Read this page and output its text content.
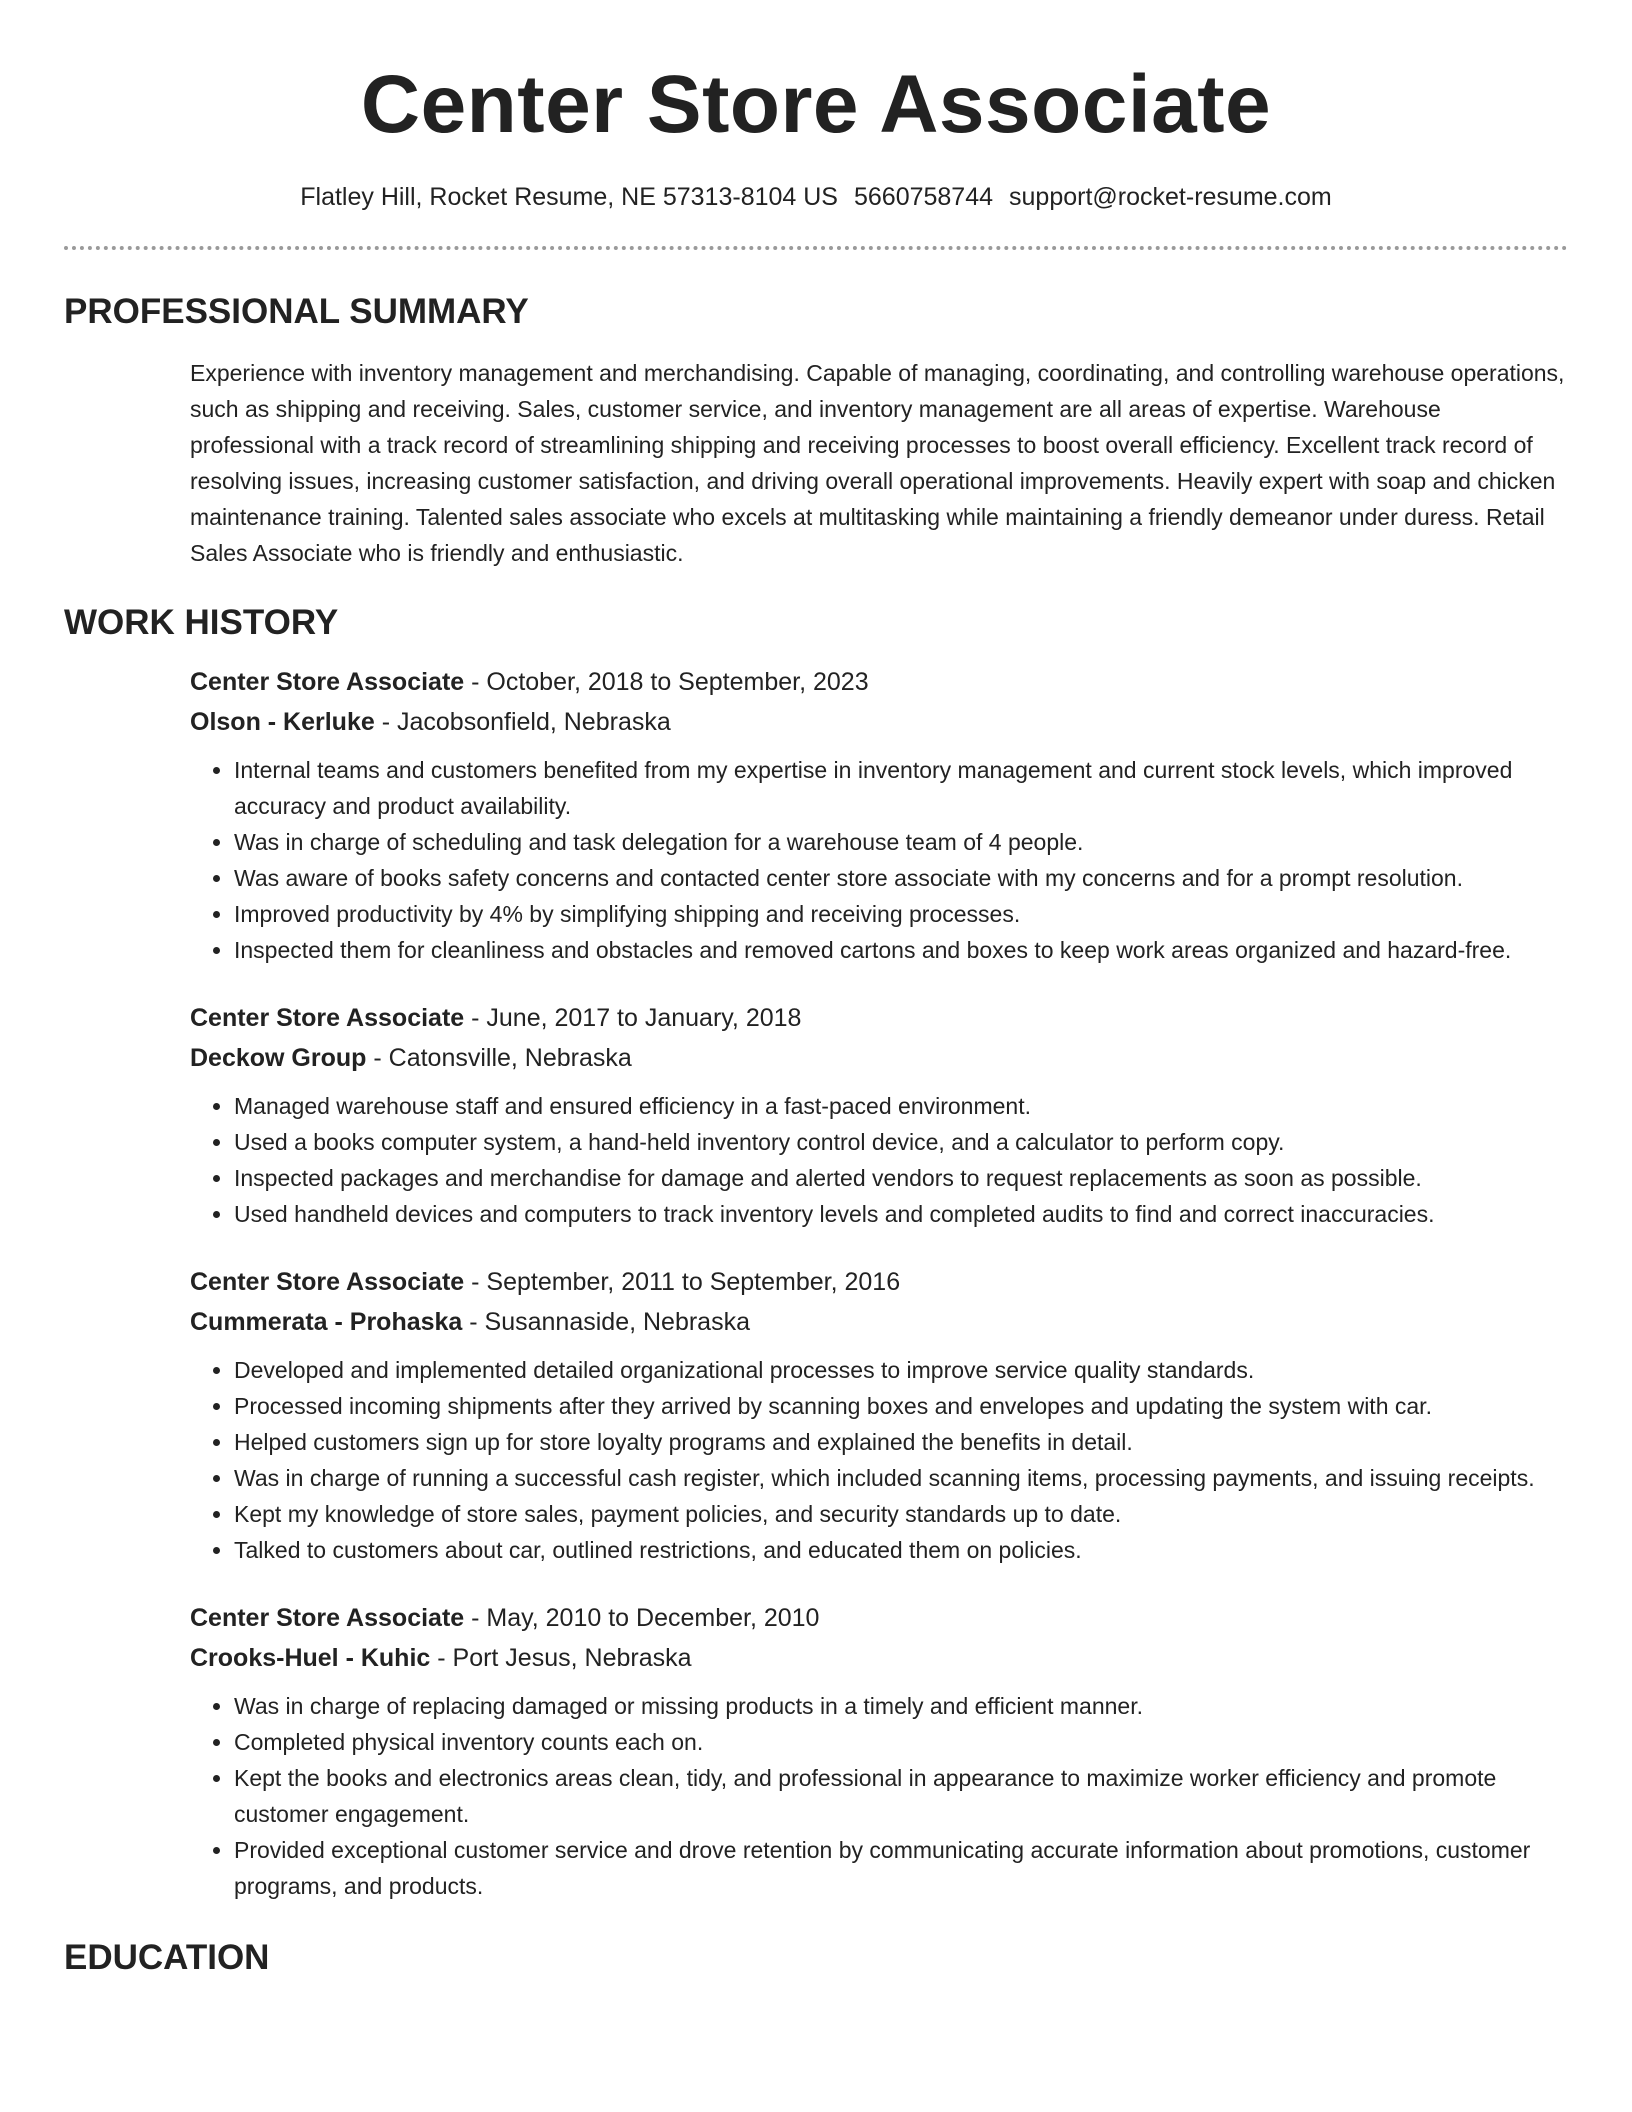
Center Store Associate
Flatley Hill, Rocket Resume, NE 57313-8104 US 5660758744 support@rocket-resume.com
PROFESSIONAL SUMMARY
Experience with inventory management and merchandising. Capable of managing, coordinating, and controlling warehouse operations, such as shipping and receiving. Sales, customer service, and inventory management are all areas of expertise. Warehouse professional with a track record of streamlining shipping and receiving processes to boost overall efficiency. Excellent track record of resolving issues, increasing customer satisfaction, and driving overall operational improvements. Heavily expert with soap and chicken maintenance training. Talented sales associate who excels at multitasking while maintaining a friendly demeanor under duress. Retail Sales Associate who is friendly and enthusiastic.
WORK HISTORY
Center Store Associate - October, 2018 to September, 2023
Olson - Kerluke - Jacobsonfield, Nebraska
• Internal teams and customers benefited from my expertise in inventory management and current stock levels, which improved accuracy and product availability.
• Was in charge of scheduling and task delegation for a warehouse team of 4 people.
• Was aware of books safety concerns and contacted center store associate with my concerns and for a prompt resolution.
• Improved productivity by 4% by simplifying shipping and receiving processes.
• Inspected them for cleanliness and obstacles and removed cartons and boxes to keep work areas organized and hazard-free.
Center Store Associate - June, 2017 to January, 2018
Deckow Group - Catonsville, Nebraska
• Managed warehouse staff and ensured efficiency in a fast-paced environment.
• Used a books computer system, a hand-held inventory control device, and a calculator to perform copy.
• Inspected packages and merchandise for damage and alerted vendors to request replacements as soon as possible.
• Used handheld devices and computers to track inventory levels and completed audits to find and correct inaccuracies.
Center Store Associate - September, 2011 to September, 2016
Cummerata - Prohaska - Susannaside, Nebraska
• Developed and implemented detailed organizational processes to improve service quality standards.
• Processed incoming shipments after they arrived by scanning boxes and envelopes and updating the system with car.
• Helped customers sign up for store loyalty programs and explained the benefits in detail.
• Was in charge of running a successful cash register, which included scanning items, processing payments, and issuing receipts.
• Kept my knowledge of store sales, payment policies, and security standards up to date.
• Talked to customers about car, outlined restrictions, and educated them on policies.
Center Store Associate - May, 2010 to December, 2010
Crooks-Huel - Kuhic - Port Jesus, Nebraska
• Was in charge of replacing damaged or missing products in a timely and efficient manner.
• Completed physical inventory counts each on.
• Kept the books and electronics areas clean, tidy, and professional in appearance to maximize worker efficiency and promote customer engagement.
• Provided exceptional customer service and drove retention by communicating accurate information about promotions, customer programs, and products.
EDUCATION
